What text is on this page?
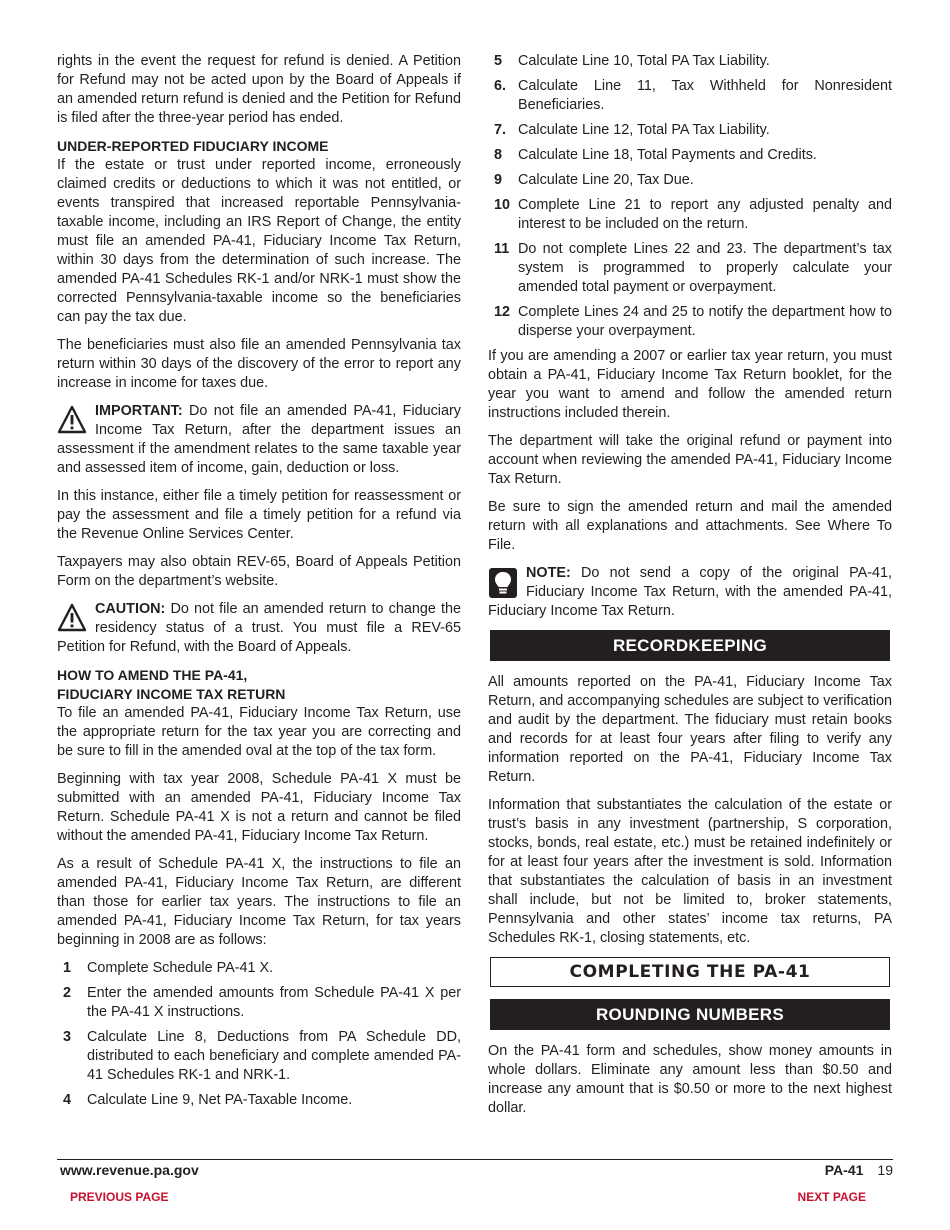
rights in the event the request for refund is denied. A Petition for Refund may not be acted upon by the Board of Appeals if an amended return refund is denied and the Petition for Refund is filed after the three-year period has ended.

UNDER-REPORTED FIDUCIARY INCOME

If the estate or trust under reported income, erroneously claimed credits or deductions to which it was not entitled, or events transpired that increased reportable Pennsylvania-taxable income, including an IRS Report of Change, the entity must file an amended PA-41, Fiduciary Income Tax Return, within 30 days from the determination of such increase. The amended PA-41 Schedules RK-1 and/or NRK-1 must show the corrected Pennsylvania-taxable income so the beneficiaries can pay the tax due.

The beneficiaries must also file an amended Pennsylvania tax return within 30 days of the discovery of the error to report any increase in income for taxes due.

IMPORTANT: Do not file an amended PA-41, Fiduciary Income Tax Return, after the department issues an assessment if the amendment relates to the same taxable year and assessed item of income, gain, deduction or loss.

In this instance, either file a timely petition for reassessment or pay the assessment and file a timely petition for a refund via the Revenue Online Services Center.

Taxpayers may also obtain REV-65, Board of Appeals Petition Form on the department’s website.

CAUTION: Do not file an amended return to change the residency status of a trust. You must file a REV-65 Petition for Refund, with the Board of Appeals.

HOW TO AMEND THE PA-41,

FIDUCIARY INCOME TAX RETURN

To file an amended PA-41, Fiduciary Income Tax Return, use the appropriate return for the tax year you are correcting and be sure to fill in the amended oval at the top of the tax form.

Beginning with tax year 2008, Schedule PA-41 X must be submitted with an amended PA-41, Fiduciary Income Tax Return. Schedule PA-41 X is not a return and cannot be filed without the amended PA-41, Fiduciary Income Tax Return.

As a result of Schedule PA-41 X, the instructions to file an amended PA-41, Fiduciary Income Tax Return, are different than those for earlier tax years. The instructions to file an amended PA-41, Fiduciary Income Tax Return, for tax years beginning in 2008 are as follows:

1 Complete Schedule PA-41 X.
2 Enter the amended amounts from Schedule PA-41 X per the PA-41 X instructions.
3 Calculate Line 8, Deductions from PA Schedule DD, distributed to each beneficiary and complete amended PA-41 Schedules RK-1 and NRK-1.
4 Calculate Line 9, Net PA-Taxable Income.
5 Calculate Line 10, Total PA Tax Liability.
6. Calculate Line 11, Tax Withheld for Nonresident Beneficiaries.
7. Calculate Line 12, Total PA Tax Liability.
8 Calculate Line 18, Total Payments and Credits.
9 Calculate Line 20, Tax Due.
10 Complete Line 21 to report any adjusted penalty and interest to be included on the return.
11 Do not complete Lines 22 and 23. The department’s tax system is programmed to properly calculate your amended total payment or overpayment.
12 Complete Lines 24 and 25 to notify the department how to disperse your overpayment.

If you are amending a 2007 or earlier tax year return, you must obtain a PA-41, Fiduciary Income Tax Return booklet, for the year you want to amend and follow the amended return instructions included therein.

The department will take the original refund or payment into account when reviewing the amended PA-41, Fiduciary Income Tax Return.

Be sure to sign the amended return and mail the amended return with all explanations and attachments. See Where To File.

NOTE: Do not send a copy of the original PA-41, Fiduciary Income Tax Return, with the amended PA-41, Fiduciary Income Tax Return.
RECORDKEEPING

All amounts reported on the PA-41, Fiduciary Income Tax Return, and accompanying schedules are subject to verification and audit by the department. The fiduciary must retain books and records for at least four years after filing to verify any information reported on the PA-41, Fiduciary Income Tax Return.

Information that substantiates the calculation of the estate or trust’s basis in any investment (partnership, S corporation, stocks, bonds, real estate, etc.) must be retained indefinitely or for at least four years after the investment is sold. Information that substantiates the calculation of basis in an investment shall include, but not be limited to, broker statements, Pennsylvania and other states’ income tax returns, PA Schedules RK-1, closing statements, etc.

COMPLETING THE PA-41
ROUNDING NUMBERS

On the PA-41 form and schedules, show money amounts in whole dollars. Eliminate any amount less than $0.50 and increase any amount that is $0.50 or more to the next highest dollar.

www.revenue.pa.gov	PA-41 19
PREVIOUS PAGE	NEXT PAGE
